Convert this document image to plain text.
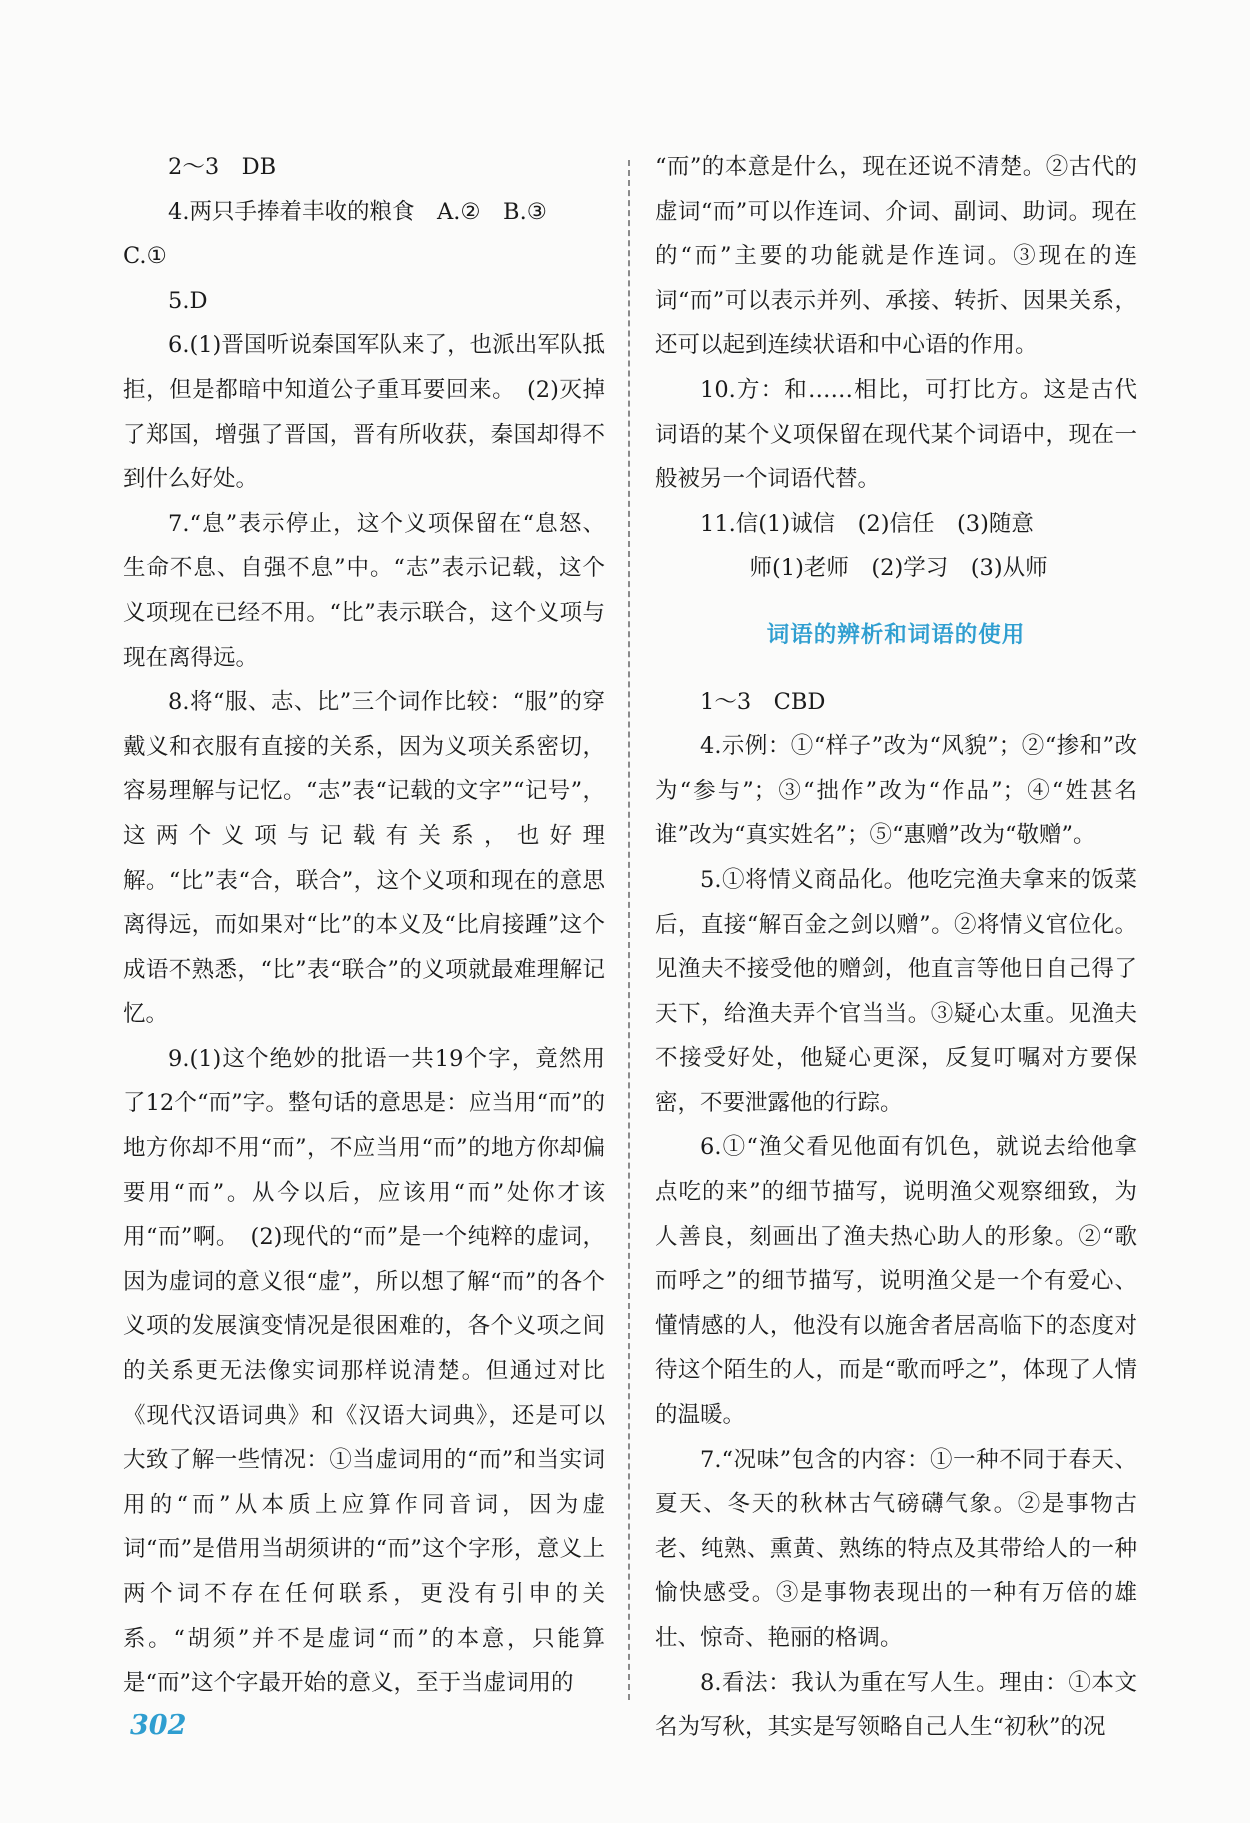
2～3　DB

4.两只手捧着丰收的粮食　A.②　B.③

C.①

5.D

6.(1)晋国听说秦国军队来了，也派出军队抵拒，但是都暗中知道公子重耳要回来。　(2)灭掉了郑国，增强了晋国，晋有所收获，秦国却得不到什么好处。

7.“息”表示停止，这个义项保留在“息怒、生命不息、自强不息”中。“志”表示记载，这个义项现在已经不用。“比”表示联合，这个义项与现在离得远。

8.将“服、志、比”三个词作比较：“服”的穿戴义和衣服有直接的关系，因为义项关系密切，容易理解与记忆。“志”表“记载的文字”“记号”，这两个义项与记载有关系，也好理解。“比”表“合，联合”，这个义项和现在的意思离得远，而如果对“比”的本义及“比肩接踵”这个成语不熟悉，“比”表“联合”的义项就最难理解记忆。

9.(1)这个绝妙的批语一共19个字，竟然用了12个“而”字。整句话的意思是：应当用“而”的地方你却不用“而”，不应当用“而”的地方你却偏要用“而”。从今以后，应该用“而”处你才该用“而”啊。　(2)现代的“而”是一个纯粹的虚词，因为虚词的意义很“虚”，所以想了解“而”的各个义项的发展演变情况是很困难的，各个义项之间的关系更无法像实词那样说清楚。但通过对比《现代汉语词典》和《汉语大词典》，还是可以大致了解一些情况：①当虚词用的“而”和当实词用的“而”从本质上应算作同音词，因为虚词“而”是借用当胡须讲的“而”这个字形，意义上两个词不存在任何联系，更没有引申的关系。“胡须”并不是虚词“而”的本意，只能算是“而”这个字最开始的意义，至于当虚词用的

“而”的本意是什么，现在还说不清楚。②古代的虚词“而”可以作连词、介词、副词、助词。现在的“而”主要的功能就是作连词。③现在的连词“而”可以表示并列、承接、转折、因果关系，还可以起到连续状语和中心语的作用。

10.方：和……相比，可打比方。这是古代词语的某个义项保留在现代某个词语中，现在一般被另一个词语代替。

11.信(1)诚信　(2)信任　(3)随意

师(1)老师　(2)学习　(3)从师

词语的辨析和词语的使用

1～3　CBD

4.示例：①“样子”改为“风貌”；②“掺和”改为“参与”；③“拙作”改为“作品”；④“姓甚名谁”改为“真实姓名”；⑤“惠赠”改为“敬赠”。

5.①将情义商品化。他吃完渔夫拿来的饭菜后，直接“解百金之剑以赠”。②将情义官位化。见渔夫不接受他的赠剑，他直言等他日自己得了天下，给渔夫弄个官当当。③疑心太重。见渔夫不接受好处，他疑心更深，反复叮嘱对方要保密，不要泄露他的行踪。

6.①“渔父看见他面有饥色，就说去给他拿点吃的来”的细节描写，说明渔父观察细致，为人善良，刻画出了渔夫热心助人的形象。②“歌而呼之”的细节描写，说明渔父是一个有爱心、懂情感的人，他没有以施舍者居高临下的态度对待这个陌生的人，而是“歌而呼之”，体现了人情的温暖。

7.“况味”包含的内容：①一种不同于春天、夏天、冬天的秋林古气磅礴气象。②是事物古老、纯熟、熏黄、熟练的特点及其带给人的一种愉快感受。③是事物表现出的一种有万倍的雄壮、惊奇、艳丽的格调。

8.看法：我认为重在写人生。理由：①本文名为写秋，其实是写领略自己人生“初秋”的况

302
